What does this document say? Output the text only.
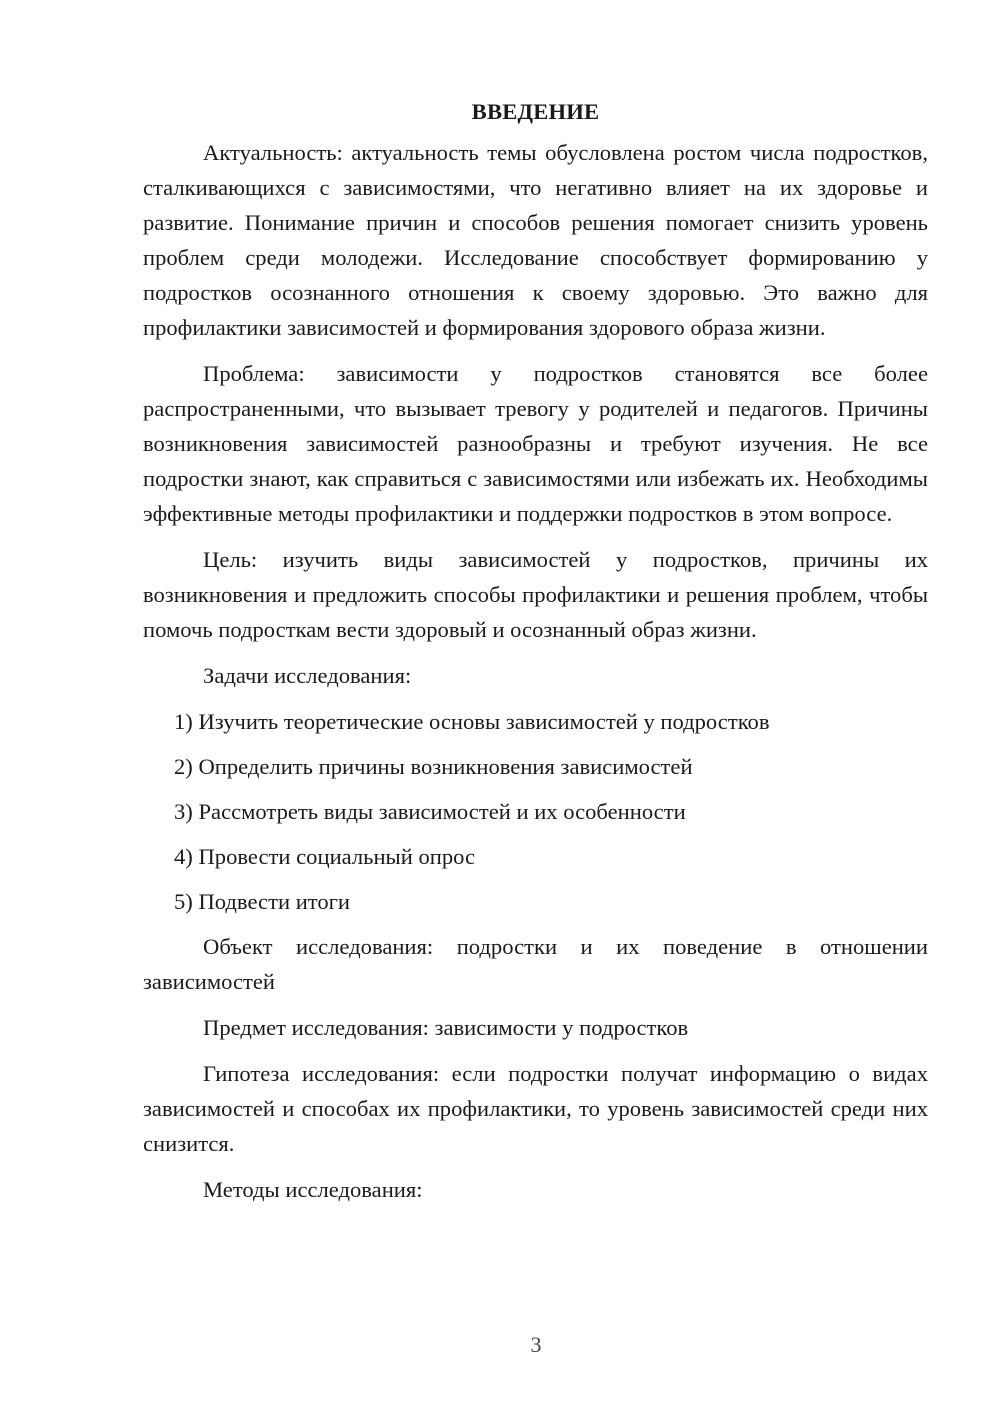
ВВЕДЕНИЕ

Актуальность: актуальность темы обусловлена ростом числа подростков, сталкивающихся с зависимостями, что негативно влияет на их здоровье и развитие. Понимание причин и способов решения помогает снизить уровень проблем среди молодежи. Исследование способствует формированию у подростков осознанного отношения к своему здоровью. Это важно для профилактики зависимостей и формирования здорового образа жизни.

Проблема: зависимости у подростков становятся все более распространенными, что вызывает тревогу у родителей и педагогов. Причины возникновения зависимостей разнообразны и требуют изучения. Не все подростки знают, как справиться с зависимостями или избежать их. Необходимы эффективные методы профилактики и поддержки подростков в этом вопросе.

Цель: изучить виды зависимостей у подростков, причины их возникновения и предложить способы профилактики и решения проблем, чтобы помочь подросткам вести здоровый и осознанный образ жизни.

Задачи исследования:

1) Изучить теоретические основы зависимостей у подростков
2) Определить причины возникновения зависимостей
3) Рассмотреть виды зависимостей и их особенности
4) Провести социальный опрос
5) Подвести итоги

Объект исследования: подростки и их поведение в отношении зависимостей

Предмет исследования: зависимости у подростков

Гипотеза исследования: если подростки получат информацию о видах зависимостей и способах их профилактики, то уровень зависимостей среди них снизится.

Методы исследования:

3
